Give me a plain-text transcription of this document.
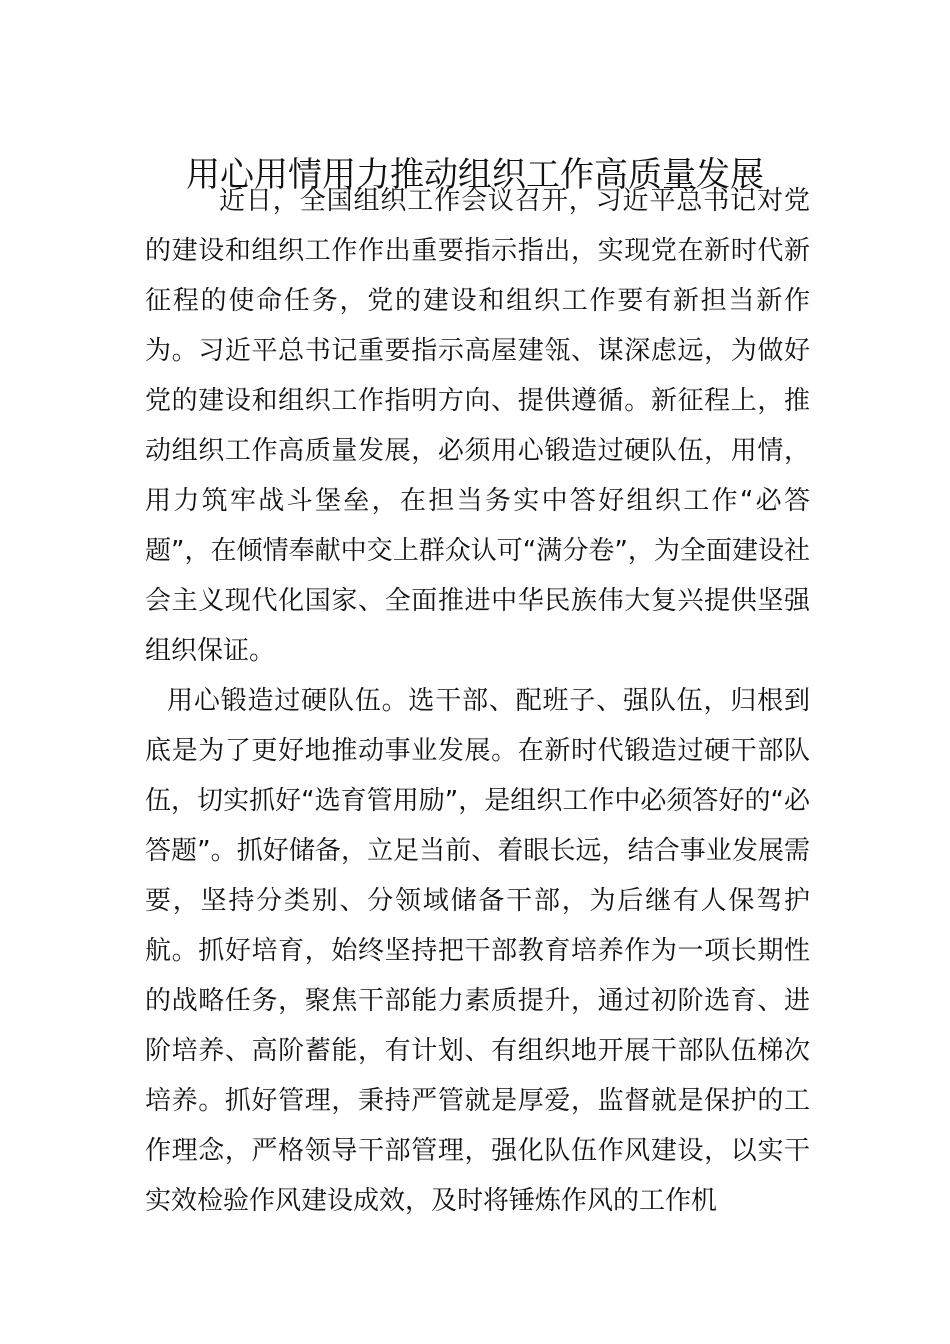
用心用情用力推动组织工作高质量发展

近日，全国组织工作会议召开，习近平总书记对党的建设和组织工作作出重要指示指出，实现党在新时代新征程的使命任务，党的建设和组织工作要有新担当新作为。习近平总书记重要指示高屋建瓴、谋深虑远，为做好党的建设和组织工作指明方向、提供遵循。新征程上，推动组织工作高质量发展，必须用心锻造过硬队伍，用情，用力筑牢战斗堡垒，在担当务实中答好组织工作“必答题”，在倾情奉献中交上群众认可“满分卷”，为全面建设社会主义现代化国家、全面推进中华民族伟大复兴提供坚强组织保证。

用心锻造过硬队伍。选干部、配班子、强队伍，归根到底是为了更好地推动事业发展。在新时代锻造过硬干部队伍，切实抓好“选育管用励”，是组织工作中必须答好的“必答题”。抓好储备，立足当前、着眼长远，结合事业发展需要，坚持分类别、分领域储备干部，为后继有人保驾护航。抓好培育，始终坚持把干部教育培养作为一项长期性的战略任务，聚焦干部能力素质提升，通过初阶选育、进阶培养、高阶蓄能，有计划、有组织地开展干部队伍梯次培养。抓好管理，秉持严管就是厚爱，监督就是保护的工作理念，严格领导干部管理，强化队伍作风建设，以实干实效检验作风建设成效，及时将锤炼作风的工作机
